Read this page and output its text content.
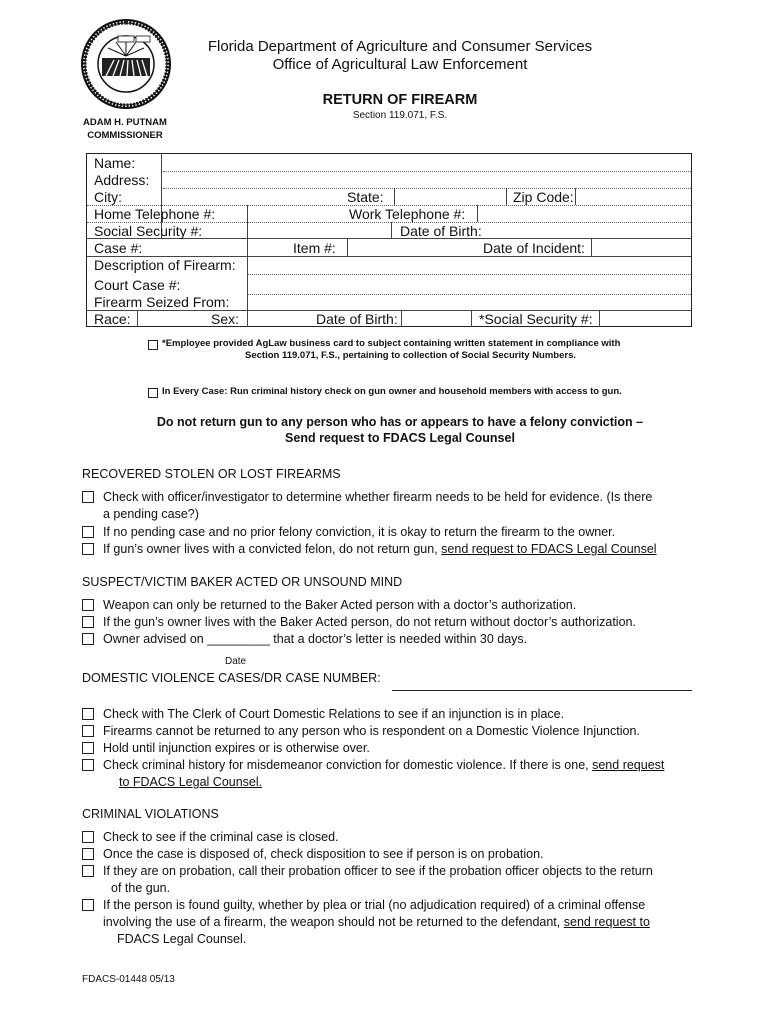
Florida Department of Agriculture and Consumer Services
Office of Agricultural Law Enforcement
RETURN OF FIREARM
Section 119.071, F.S.
ADAM H. PUTNAM
COMMISSIONER
Name:
Address:
City:	State:	Zip Code:
Home Telephone #:	Work Telephone #:
Social Security #:	Date of Birth:
Case #:	Item #:	Date of Incident:
Description of Firearm:
Court Case #:
Firearm Seized From:
Race:	Sex:	Date of Birth:	*Social Security #:
*Employee provided AgLaw business card to subject containing written statement in compliance with
Section 119.071, F.S., pertaining to collection of Social Security Numbers.
In Every Case: Run criminal history check on gun owner and household members with access to gun.
Do not return gun to any person who has or appears to have a felony conviction –
Send request to FDACS Legal Counsel
RECOVERED STOLEN OR LOST FIREARMS
Check with officer/investigator to determine whether firearm needs to be held for evidence. (Is there
a pending case?)
If no pending case and no prior felony conviction, it is okay to return the firearm to the owner.
If gun’s owner lives with a convicted felon, do not return gun, send request to FDACS Legal Counsel
SUSPECT/VICTIM BAKER ACTED OR UNSOUND MIND
Weapon can only be returned to the Baker Acted person with a doctor’s authorization.
If the gun’s owner lives with the Baker Acted person, do not return without doctor’s authorization.
Owner advised on _________ that a doctor’s letter is needed within 30 days.
Date
DOMESTIC VIOLENCE CASES/DR CASE NUMBER:
Check with The Clerk of Court Domestic Relations to see if an injunction is in place.
Firearms cannot be returned to any person who is respondent on a Domestic Violence Injunction.
Hold until injunction expires or is otherwise over.
Check criminal history for misdemeanor conviction for domestic violence. If there is one, send request
to FDACS Legal Counsel.
CRIMINAL VIOLATIONS
Check to see if the criminal case is closed.
Once the case is disposed of, check disposition to see if person is on probation.
If they are on probation, call their probation officer to see if the probation officer objects to the return
of the gun.
If the person is found guilty, whether by plea or trial (no adjudication required) of a criminal offense
involving the use of a firearm, the weapon should not be returned to the defendant, send request to
FDACS Legal Counsel.
FDACS-01448 05/13
